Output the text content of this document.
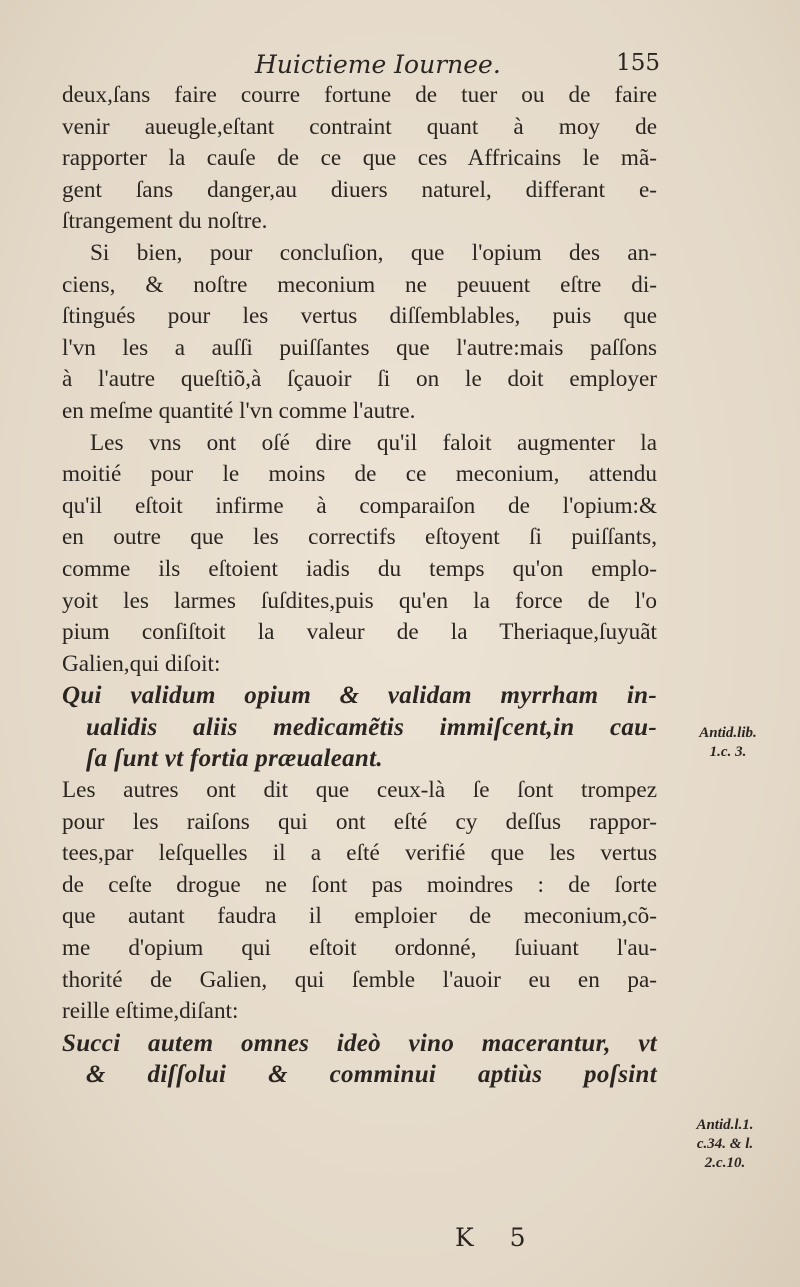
Huictieme Iournee.	155
deux,ſans faire courre fortune de tuer ou de faire
venir aueugle,eſtant contraint quant à moy de
rapporter la cauſe de ce que ces Affricains le mã-
gent ſans danger,au diuers naturel, differant e-
ſtrangement du noſtre.
Si bien, pour concluſion, que l'opium des an-
ciens, & noſtre meconium ne peuuent eſtre di-
ſtingués pour les vertus diſſemblables, puis que
l'vn les a auſſi puiſſantes que l'autre:mais paſſons
à l'autre queſtiõ,à ſçauoir ſi on le doit employer
en meſme quantité l'vn comme l'autre.
Les vns ont oſé dire qu'il faloit augmenter la
moitié pour le moins de ce meconium, attendu
qu'il eſtoit infirme à comparaiſon de l'opium:&
en outre que les correctifs eſtoyent ſi puiſſants,
comme ils eſtoient iadis du temps qu'on emplo-
yoit les larmes ſuſdites,puis qu'en la force de l'o
pium conſiſtoit la valeur de la Theriaque,ſuyuãt
Galien,qui diſoit:
Qui validum opium & validam myrrham in-
ualidis aliis medicamẽtis immiſcent,in cau-
ſa ſunt vt fortia præualeant.
Les autres ont dit que ceux-là ſe ſont trompez
pour les raiſons qui ont eſté cy deſſus rappor-
tees,par leſquelles il a eſté verifié que les vertus
de ceſte drogue ne ſont pas moindres : de ſorte
que autant faudra il emploier de meconium,cõ-
me d'opium qui eſtoit ordonné, ſuiuant l'au-
thorité de Galien, qui ſemble l'auoir eu en pa-
reille eſtime,diſant:
Succi autem omnes ideò vino macerantur, vt
& diſſolui & comminui aptiùs poſsint
Antid.lib.
1.c. 3.
Antid.l.1.
c.34. & l.
2.c.10.
K 5
